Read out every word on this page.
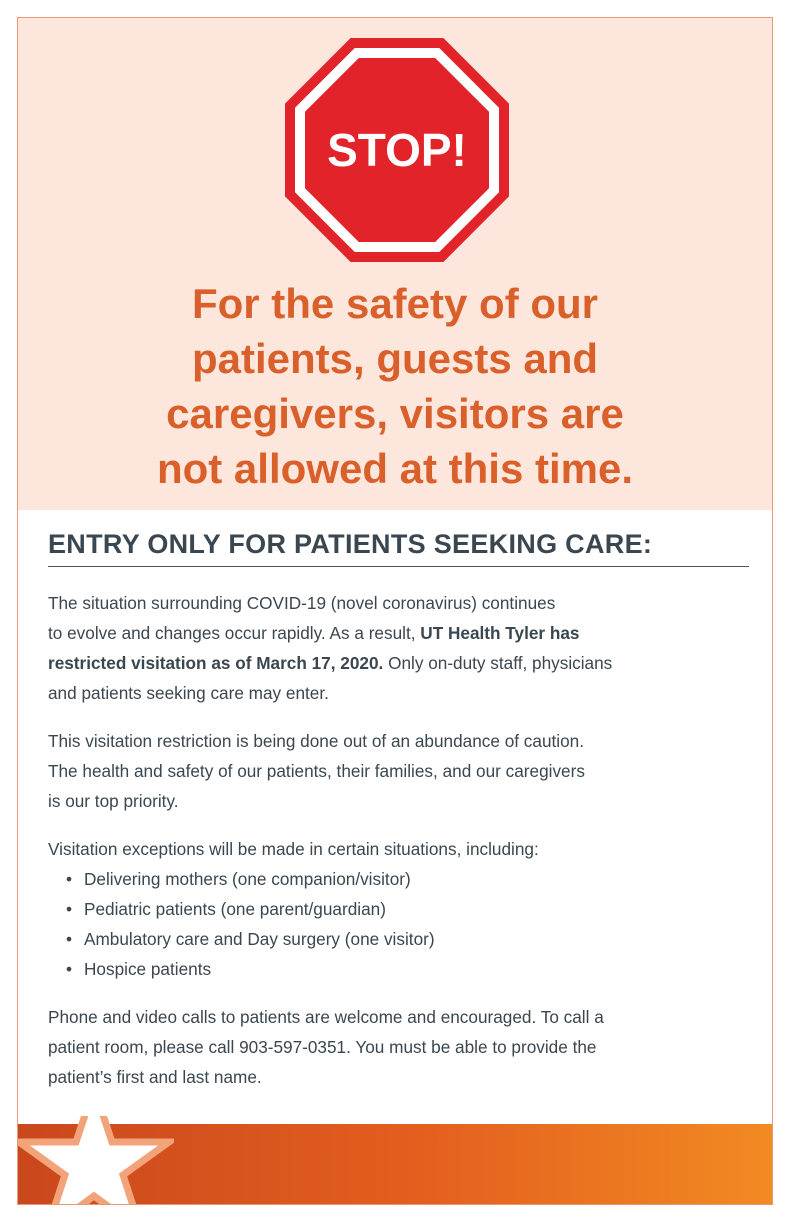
STOP!
For the safety of our
patients, guests and
caregivers, visitors are
not allowed at this time.
ENTRY ONLY FOR PATIENTS SEEKING CARE:

The situation surrounding COVID-19 (novel coronavirus) continues
to evolve and changes occur rapidly. As a result, UT Health Tyler has
restricted visitation as of March 17, 2020. Only on-duty staff, physicians
and patients seeking care may enter.

This visitation restriction is being done out of an abundance of caution.
The health and safety of our patients, their families, and our caregivers
is our top priority.

Visitation exceptions will be made in certain situations, including:

• Delivering mothers (one companion/visitor)
• Pediatric patients (one parent/guardian)
• Ambulatory care and Day surgery (one visitor)
• Hospice patients

Phone and video calls to patients are welcome and encouraged. To call a
patient room, please call 903-597-0351. You must be able to provide the
patient’s first and last name.
